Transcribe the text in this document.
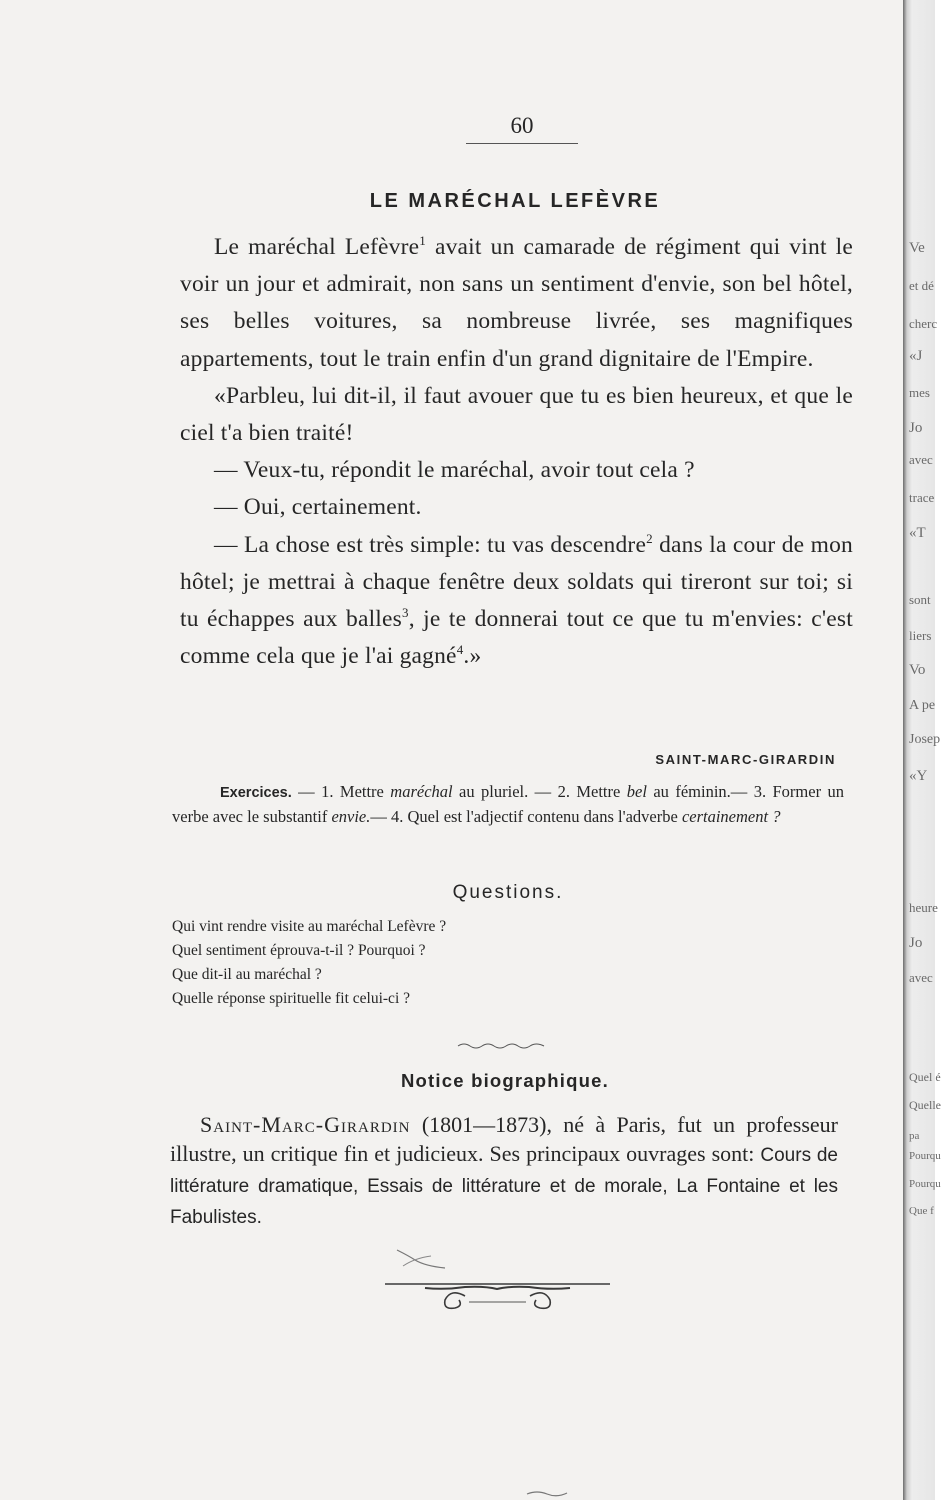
60
LE MARÉCHAL LEFÈVRE

Le maréchal Lefèvre$^1$ avait un camarade de régiment qui vint le voir un jour et admirait, non sans un sentiment d'envie, son bel hôtel, ses belles voitures, sa nombreuse livrée, ses magnifiques appartements, tout le train enfin d'un grand dignitaire de l'Empire.

«Parbleu, lui dit-il, il faut avouer que tu es bien heureux, et que le ciel t'a bien traité!

— Veux-tu, répondit le maréchal, avoir tout cela ?

— Oui, certainement.

— La chose est très simple: tu vas descendre$^2$ dans la cour de mon hôtel; je mettrai à chaque fenêtre deux soldats qui tireront sur toi; si tu échappes aux balles$^3$, je te donnerai tout ce que tu m'envies: c'est comme cela que je l'ai gagné$^4$.»

SAINT-MARC-GIRARDIN
Exercices. — 1. Mettre maréchal au pluriel. — 2. Mettre bel au féminin.— 3. Former un verbe avec le substantif envie.— 4. Quel est l'adjectif contenu dans l'adverbe certainement ?
Questions.
Qui vint rendre visite au maréchal Lefèvre ?
Quel sentiment éprouva-t-il ? Pourquoi ?
Que dit-il au maréchal ?
Quelle réponse spirituelle fit celui-ci ?
Notice biographique.
Saint-Marc-Girardin (1801—1873), né à Paris, fut un professeur illustre, un critique fin et judicieux. Ses principaux ouvrages sont: Cours de littérature dramatique, Essais de littérature et de morale, La Fontaine et les Fabulistes.
Ve
et dé
cherc
«J
mes
Jo
avec
trace
«T
sont
liers
Vo
A pe
Josep
«Y
heure
Jo
avec
Quel é
Quelle
pa
Pourqu
Pourqu
Que f
